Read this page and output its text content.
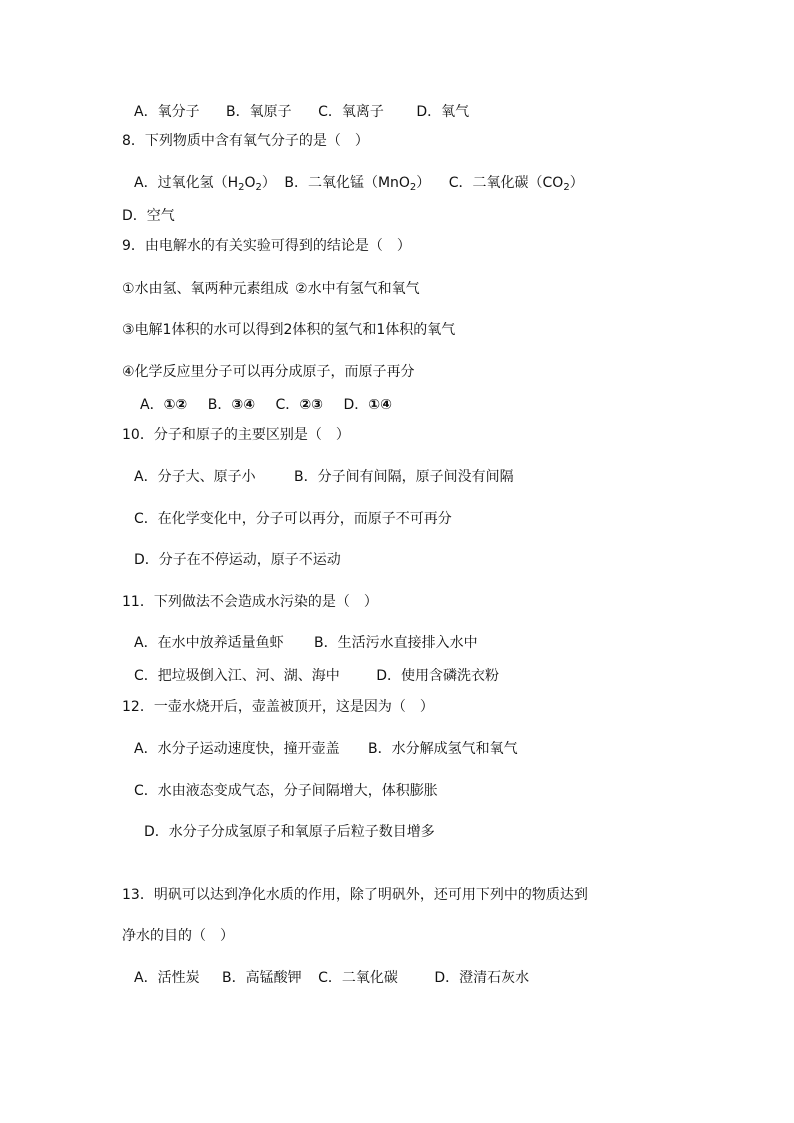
A．氧分子 B．氧原子 C．氧离子 D．氧气
8．下列物质中含有氧气分子的是（　）
A．过氧化氢$(H_2O_2)$ B．二氧化锰（MnO$_2$） C．二氧化碳$(CO_2)$
D．空气
9．由电解水的有关实验可得到的结论是（　）
①水由氢、氧两种元素组成 ②水中有氢气和氧气
③电解1体积的水可以得到2体积的氢气和1体积的氧气
④化学反应里分子可以再分成原子，而原子再分
A．①② B．③④ C．②③ D．①④
10．分子和原子的主要区别是（　）
A．分子大、原子小	B．分子间有间隔，原子间没有间隔
C．在化学变化中，分子可以再分，而原子不可再分
D．分子在不停运动，原子不运动
11．下列做法不会造成水污染的是（　）
A．在水中放养适量鱼虾 B．生活污水直接排入水中
C．把垃圾倒入江、河、湖、海中	D．使用含磷洗衣粉
12．一壶水烧开后，壶盖被顶开，这是因为（　）
A．水分子运动速度快，撞开壶盖 B．水分解成氢气和氧气
C．水由液态变成气态，分子间隔增大，体积膨胀
D．水分子分成氢原子和氧原子后粒子数目增多
13．明矾可以达到净化水质的作用，除了明矾外，还可用下列中的物质达到
净水的目的（　）
A．活性炭 B．高锰酸钾 C．二氧化碳	D．澄清石灰水
